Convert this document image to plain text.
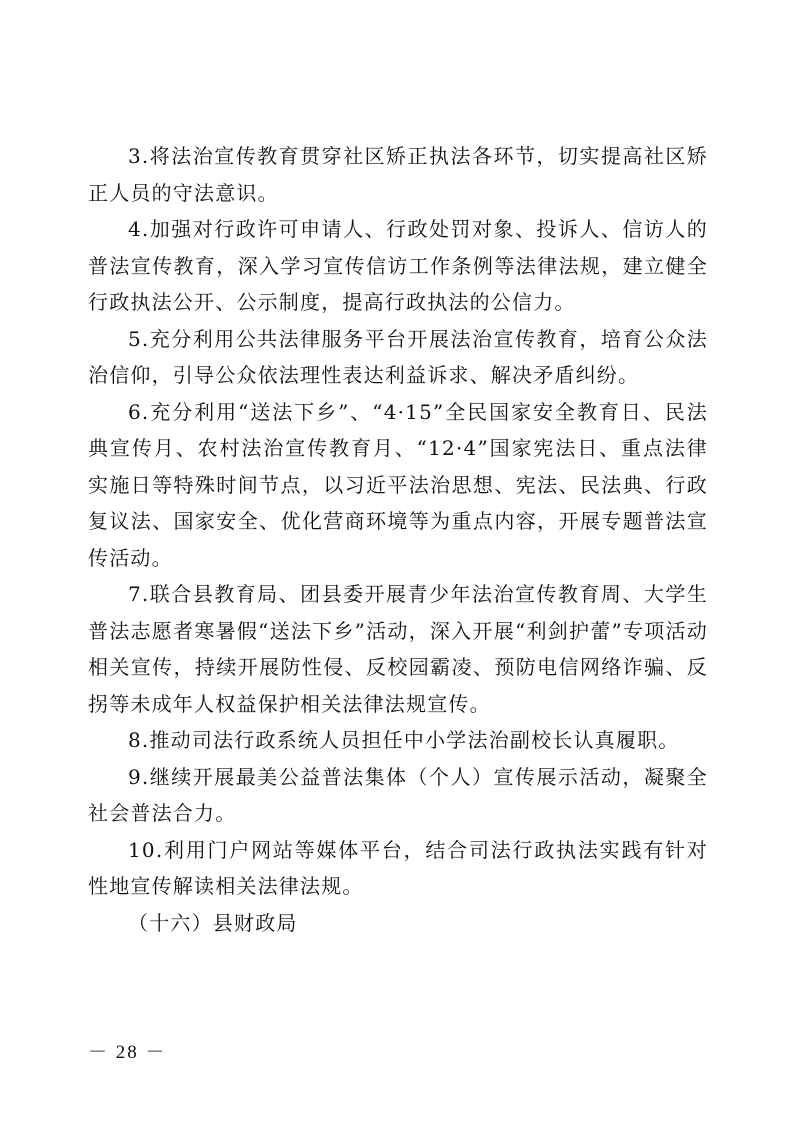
3.将法治宣传教育贯穿社区矫正执法各环节，切实提高社区矫正人员的守法意识。

4.加强对行政许可申请人、行政处罚对象、投诉人、信访人的普法宣传教育，深入学习宣传信访工作条例等法律法规，建立健全行政执法公开、公示制度，提高行政执法的公信力。

5.充分利用公共法律服务平台开展法治宣传教育，培育公众法治信仰，引导公众依法理性表达利益诉求、解决矛盾纠纷。

6.充分利用“送法下乡”、“4·15”全民国家安全教育日、民法典宣传月、农村法治宣传教育月、“12·4”国家宪法日、重点法律实施日等特殊时间节点，以习近平法治思想、宪法、民法典、行政复议法、国家安全、优化营商环境等为重点内容，开展专题普法宣传活动。

7.联合县教育局、团县委开展青少年法治宣传教育周、大学生普法志愿者寒暑假“送法下乡”活动，深入开展“利剑护蕾”专项活动相关宣传，持续开展防性侵、反校园霸凌、预防电信网络诈骗、反拐等未成年人权益保护相关法律法规宣传。

8.推动司法行政系统人员担任中小学法治副校长认真履职。

9.继续开展最美公益普法集体（个人）宣传展示活动，凝聚全社会普法合力。

10.利用门户网站等媒体平台，结合司法行政执法实践有针对性地宣传解读相关法律法规。

（十六）县财政局

－ 28 －
